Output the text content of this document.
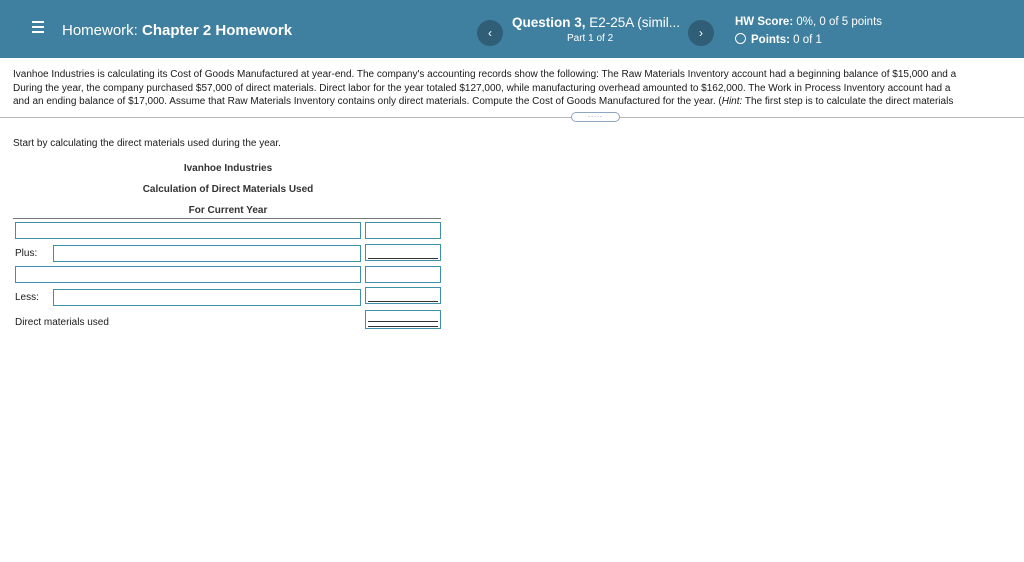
Homework: Chapter 2 Homework	‹
Question 3, E2-25A (simil...
Part 1 of 2	›
HW Score: 0%, 0 of 5 points
Points: 0 of 1
Ivanhoe Industries is calculating its Cost of Goods Manufactured at year-end. The company's accounting records show the following: The Raw Materials Inventory account had a beginning balance of $15,000 and a
During the year, the company purchased $57,000 of direct materials. Direct labor for the year totaled $127,000, while manufacturing overhead amounted to $162,000. The Work in Process Inventory account had a
and an ending balance of $17,000. Assume that Raw Materials Inventory contains only direct materials. Compute the Cost of Goods Manufactured for the year. (Hint: The first step is to calculate the direct materials
.....
Start by calculating the direct materials used during the year.
Ivanhoe Industries
Calculation of Direct Materials Used
For Current Year
Plus:
Less:
Direct materials used
